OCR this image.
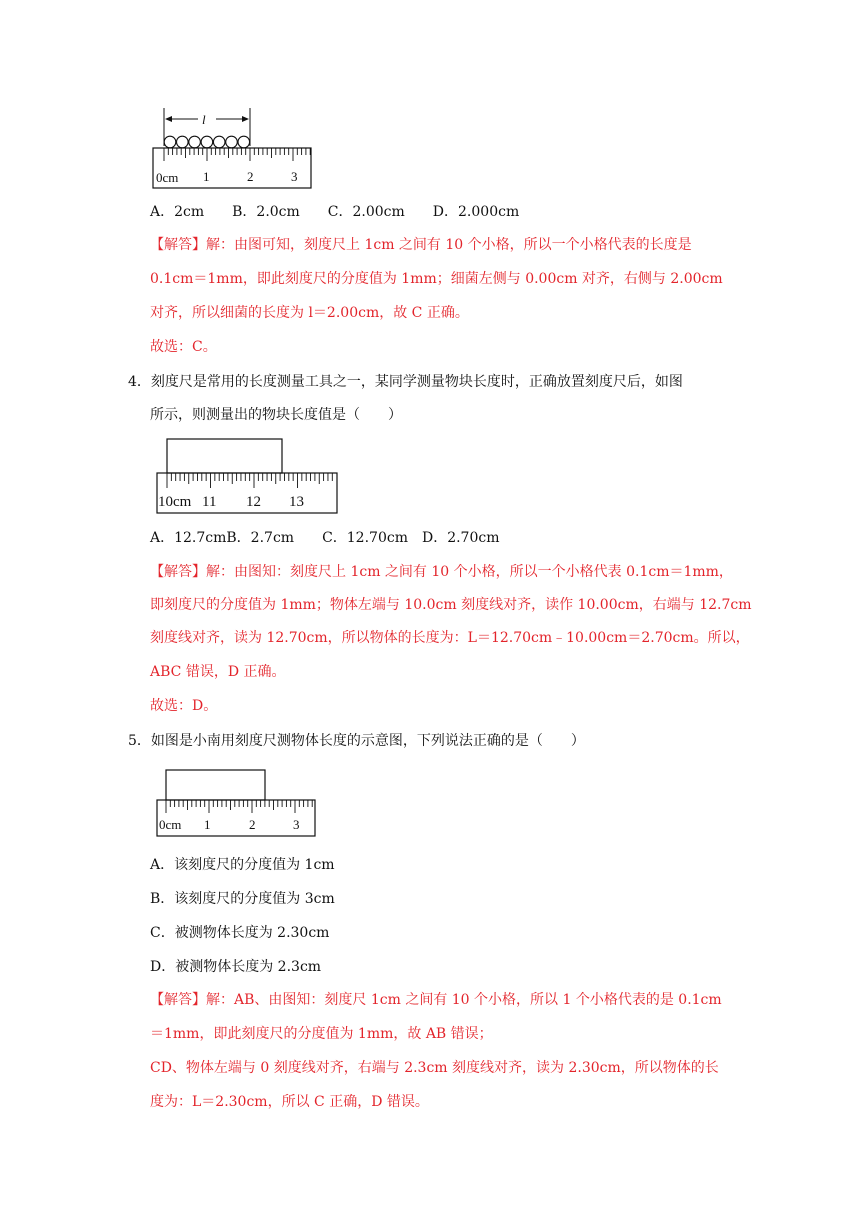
l
0cm 1	2	3
A．2cm　　B．2.0cm　　C．2.00cm　　D．2.000cm
【解答】解：由图可知，刻度尺上 1cm 之间有 10 个小格，所以一个小格代表的长度是
0.1cm＝1mm，即此刻度尺的分度值为 1mm；细菌左侧与 0.00cm 对齐，右侧与 2.00cm
对齐，所以细菌的长度为 l＝2.00cm，故 C 正确。
故选：C。
4．刻度尺是常用的长度测量工具之一，某同学测量物块长度时，正确放置刻度尺后，如图
所示，则测量出的物块长度值是（　　）
10cm 11 12 13
A．12.7cmB．2.7cm　　C．12.70cm　D．2.70cm
【解答】解：由图知：刻度尺上 1cm 之间有 10 个小格，所以一个小格代表 0.1cm＝1mm，
即刻度尺的分度值为 1mm；物体左端与 10.0cm 刻度线对齐，读作 10.00cm，右端与 12.7cm
刻度线对齐，读为 12.70cm，所以物体的长度为：L＝12.70cm﹣10.00cm＝2.70cm。所以，
ABC 错误，D 正确。
故选：D。
5．如图是小南用刻度尺测物体长度的示意图，下列说法正确的是（　　）
0cm 1	2	3
A．该刻度尺的分度值为 1cm
B．该刻度尺的分度值为 3cm
C．被测物体长度为 2.30cm
D．被测物体长度为 2.3cm
【解答】解：AB、由图知：刻度尺 1cm 之间有 10 个小格，所以 1 个小格代表的是 0.1cm
＝1mm，即此刻度尺的分度值为 1mm，故 AB 错误；
CD、物体左端与 0 刻度线对齐，右端与 2.3cm 刻度线对齐，读为 2.30cm，所以物体的长
度为：L＝2.30cm，所以 C 正确，D 错误。
